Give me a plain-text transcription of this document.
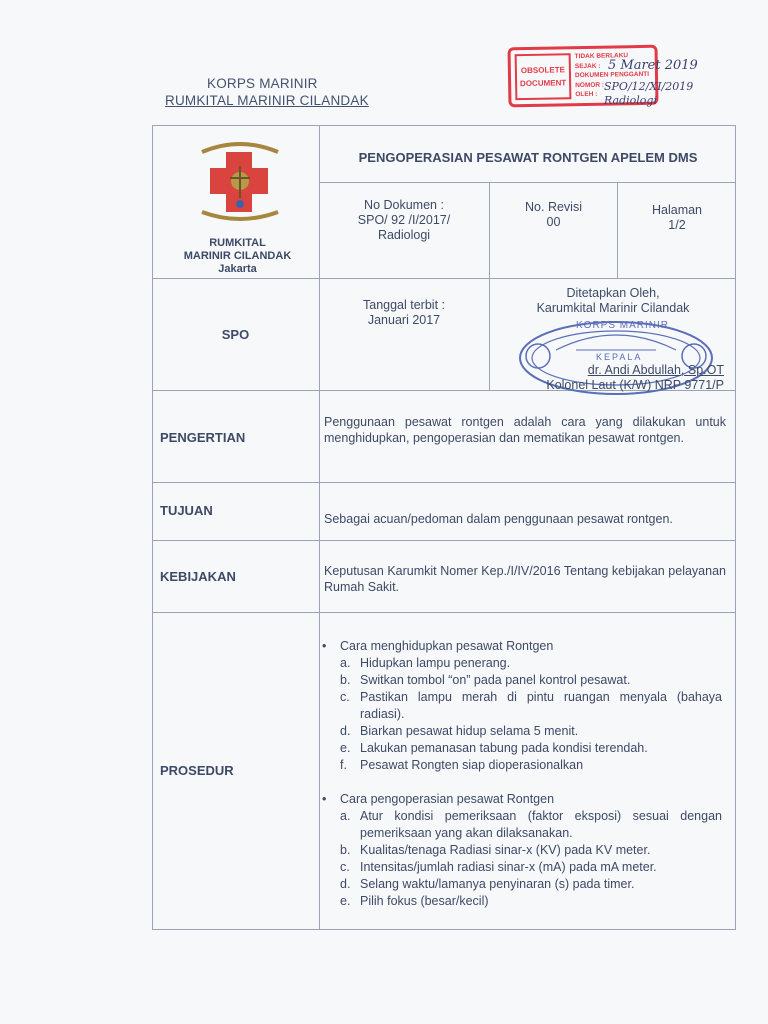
KORPS MARINIR
RUMKITAL MARINIR CILANDAK
OBSOLETE
DOCUMENT
TIDAK BERLAKU
SEJAK :
DOKUMEN PENGGANTI
NOMOR :
OLEH :
5 Maret 2019
SPO/12/XI/2019
Radiologi
RUMKITAL
MARINIR CILANDAK
Jakarta
PENGOPERASIAN PESAWAT RONTGEN APELEM DMS
No Dokumen :
SPO/ 92 /I/2017/
Radiologi
No. Revisi
00
Halaman
1/2
SPO
Tanggal terbit :
Januari 2017
Ditetapkan Oleh,
Karumkital Marinir Cilandak
KORPS MARINIR
KEPALA
dr. Andi Abdullah, Sp.OT
Kolonel Laut (K/W) NRP 9771/P
PENGERTIAN
Penggunaan pesawat rontgen adalah cara yang dilakukan untuk menghidupkan, pengoperasian dan mematikan pesawat rontgen.
TUJUAN
Sebagai acuan/pedoman dalam penggunaan pesawat rontgen.
KEBIJAKAN	Keputusan Karumkit Nomer Kep./I/IV/2016 Tentang kebijakan pelayanan Rumah Sakit.
PROSEDUR
• Cara menghidupkan pesawat Rontgen
a. Hidupkan lampu penerang.
b. Switkan tombol “on” pada panel kontrol pesawat.
c. Pastikan lampu merah di pintu ruangan menyala (bahaya radiasi).
d. Biarkan pesawat hidup selama 5 menit.
e. Lakukan pemanasan tabung pada kondisi terendah.
f. Pesawat Rongten siap dioperasionalkan
• Cara pengoperasian pesawat Rontgen
a. Atur kondisi pemeriksaan (faktor eksposi) sesuai dengan pemeriksaan yang akan dilaksanakan.
b. Kualitas/tenaga Radiasi sinar-x (KV) pada KV meter.
c. Intensitas/jumlah radiasi sinar-x (mA) pada mA meter.
d. Selang waktu/lamanya penyinaran (s) pada timer.
e. Pilih fokus (besar/kecil)
